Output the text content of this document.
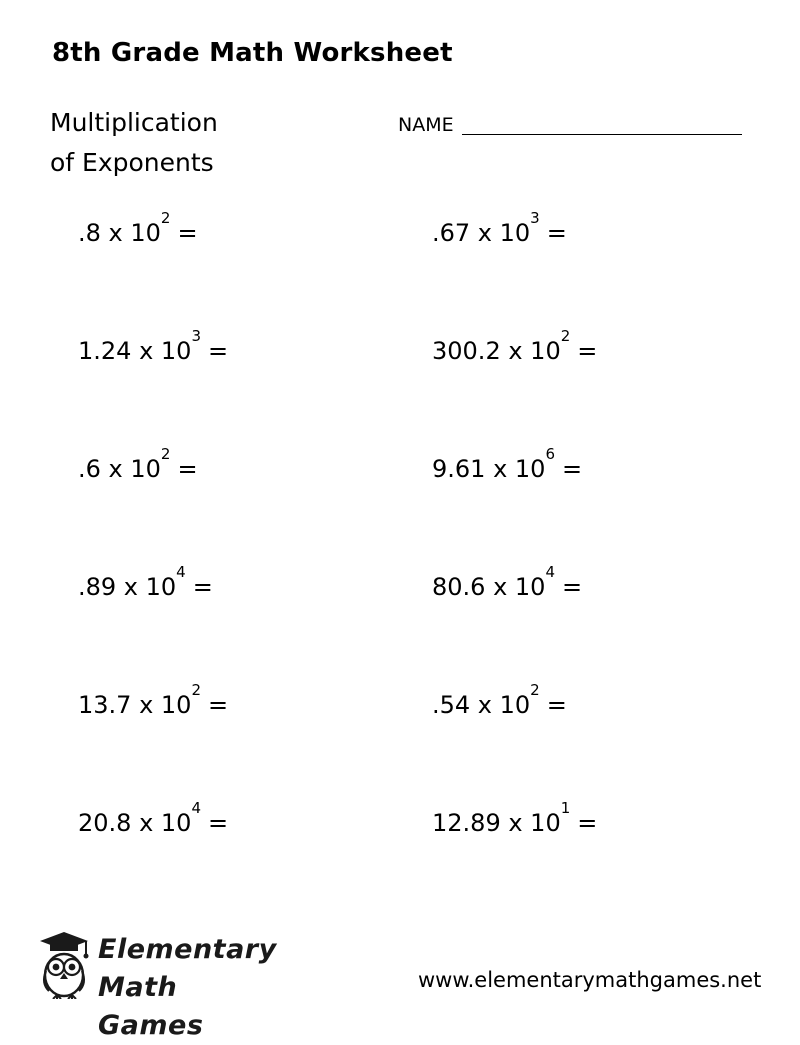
8th Grade Math Worksheet
Multiplication
of Exponents
NAME
.8 x $10^2=$	.67 x $10^3=$
1.24 x $10^3=$	300.2 x $10^2=$
.6 x $10^2=$	9.61 x $10^6=$
.89 x $10^4=$	80.6 x $10^4=$
13.7 x $10^2=$	.54 x $10^2=$
20.8 x $10^4=$	12.89 x $10^1=$
Elementary
Math Games
www.elementarymathgames.net
